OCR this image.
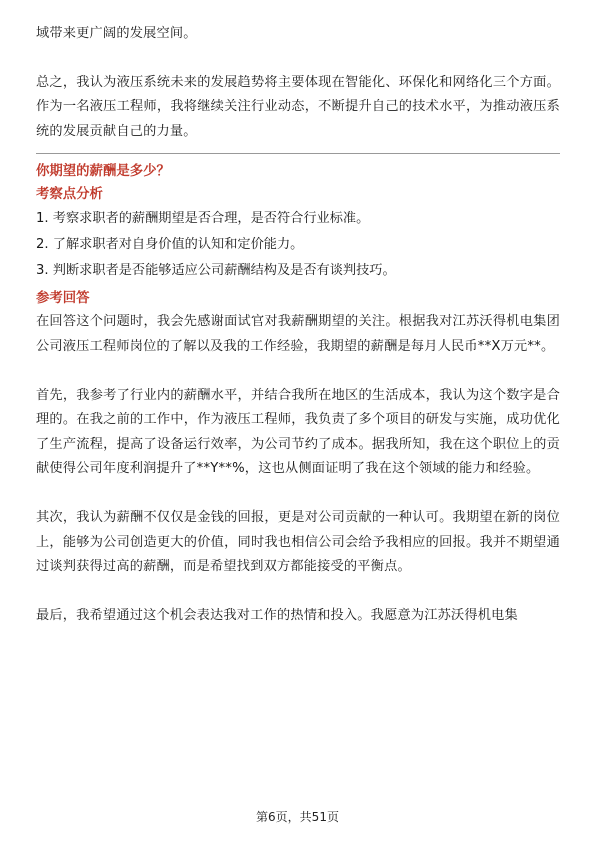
域带来更广阔的发展空间。

总之，我认为液压系统未来的发展趋势将主要体现在智能化、环保化和网络化三个方面。作为一名液压工程师，我将继续关注行业动态，不断提升自己的技术水平，为推动液压系统的发展贡献自己的力量。

你期望的薪酬是多少？

考察点分析

1. 考察求职者的薪酬期望是否合理，是否符合行业标准。

2. 了解求职者对自身价值的认知和定价能力。

3. 判断求职者是否能够适应公司薪酬结构及是否有谈判技巧。

参考回答

在回答这个问题时，我会先感谢面试官对我薪酬期望的关注。根据我对江苏沃得机电集团公司液压工程师岗位的了解以及我的工作经验，我期望的薪酬是每月人民币**X万元**。

首先，我参考了行业内的薪酬水平，并结合我所在地区的生活成本，我认为这个数字是合理的。在我之前的工作中，作为液压工程师，我负责了多个项目的研发与实施，成功优化了生产流程，提高了设备运行效率，为公司节约了成本。据我所知，我在这个职位上的贡献使得公司年度利润提升了**Y**%，这也从侧面证明了我在这个领域的能力和经验。

其次，我认为薪酬不仅仅是金钱的回报，更是对公司贡献的一种认可。我期望在新的岗位上，能够为公司创造更大的价值，同时我也相信公司会给予我相应的回报。我并不期望通过谈判获得过高的薪酬，而是希望找到双方都能接受的平衡点。

最后，我希望通过这个机会表达我对工作的热情和投入。我愿意为江苏沃得机电集

第6页，共51页
